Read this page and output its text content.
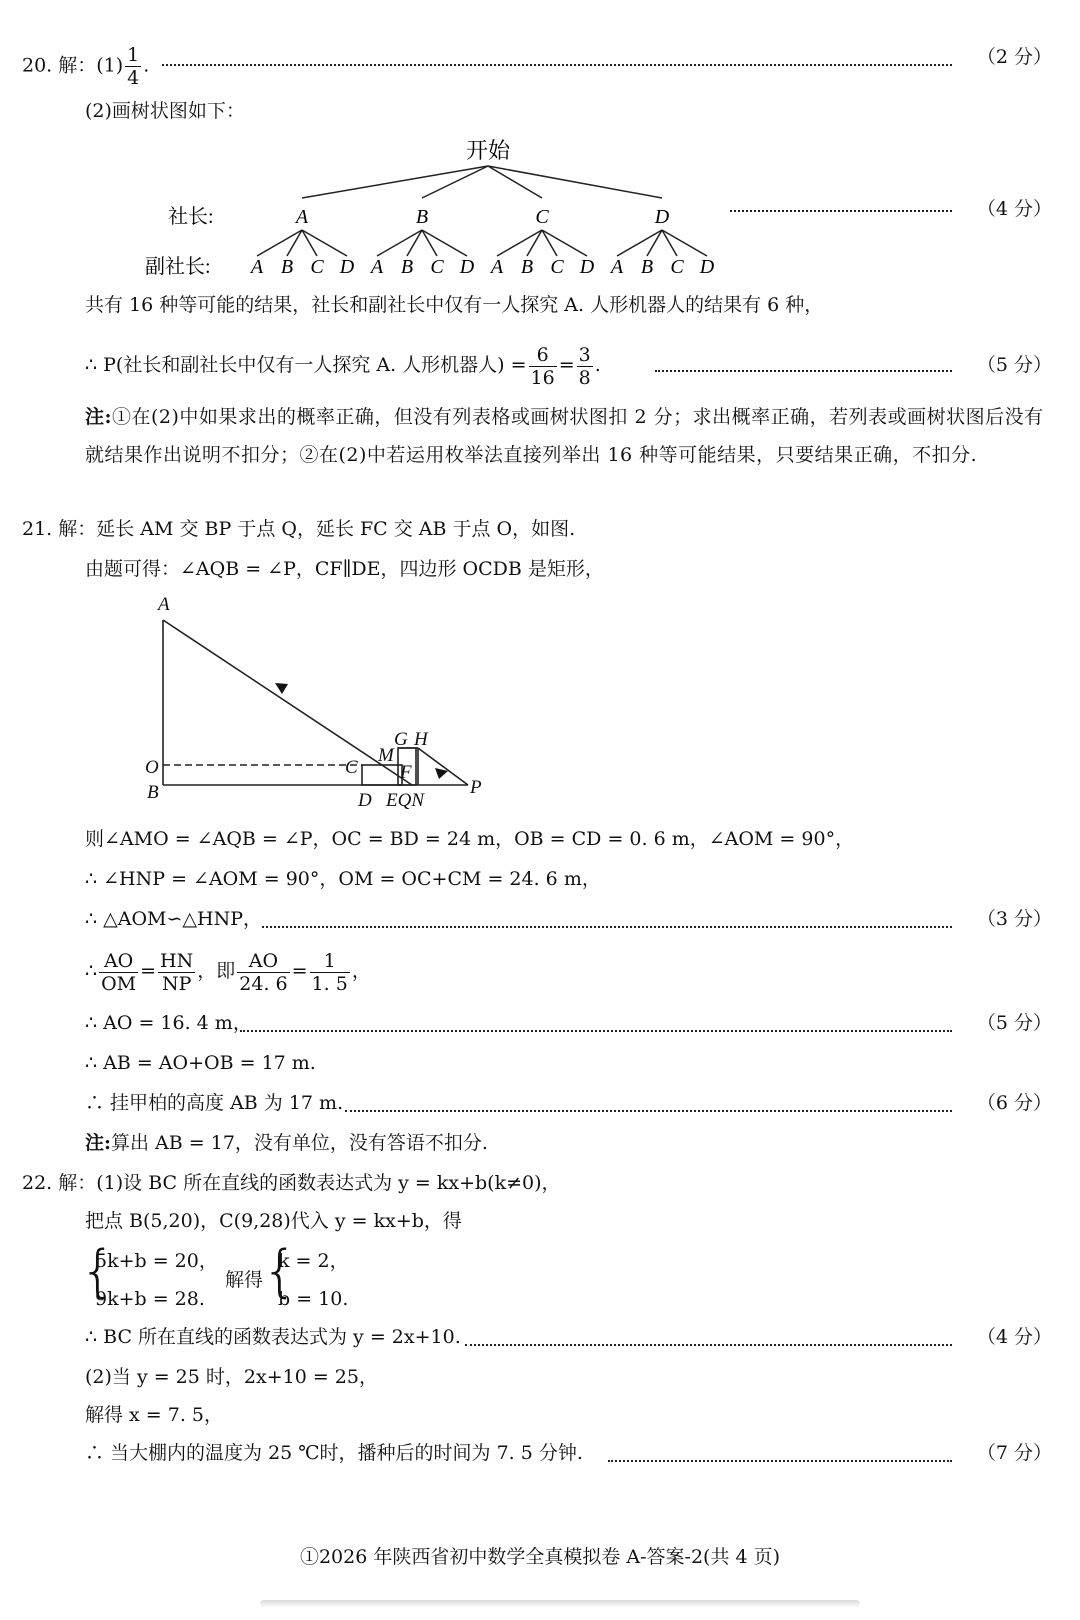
20. 解：$(1) \frac{1}{4}$ .	（2 分）
(2)画树状图如下：
开始
社长:
副社长:
A
A B C D
B
A B C D
C
A B C D
D
A B C D
（4 分）
共有 16 种等可能的结果，社长和副社长中仅有一人探究 A. 人形机器人的结果有 6 种，
∴ P(社长和副社长中仅有一人探究 A. 人形机器人) = $\frac{6}{16} = \frac{3}{8}$ .	（5 分）
注:①在(2)中如果求出的概率正确，但没有列表格或画树状图扣 2 分；求出概率正确，若列表或画树状图后没有就结果作出说明不扣分；②在(2)中若运用枚举法直接列举出 16 种等可能结果，只要结果正确，不扣分.
21. 解：延长 AM 交 BP 于点 Q，延长 FC 交 AB 于点 O，如图.
由题可得：∠AQB = ∠P，CF∥DE，四边形 OCDB 是矩形，
A
O
B
C
M
G H
F
D EQN
P
则∠AMO = ∠AQB = ∠P，OC = BD = 24 m，OB = CD = 0. 6 m，∠AOM = 90°，
∴ ∠HNP = ∠AOM = 90°，OM = OC+CM = 24. 6 m，
∴ △AOM∽△HNP，	（3 分）
∴ $\frac{AO}{OM} = \frac{HN}{NP}$ ，即 $\frac{AO}{24. 6} = \frac{1}{1. 5}$ ，
∴ AO = 16. 4 m，	（5 分）
∴ AB = AO+OB = 17 m.
∴ 挂甲柏的高度 AB 为 17 m.	（6 分）
注:算出 AB = 17，没有单位，没有答语不扣分.
22. 解：(1)设 BC 所在直线的函数表达式为 y = kx+b(k≠0)，
把点 B(5,20)，C(9,28)代入 y = kx+b，得
{
5k+b = 20，
9k+b = 28.
解得
{
k = 2，
b = 10.
∴ BC 所在直线的函数表达式为 y = 2x+10.	（4 分）
(2)当 y = 25 时，2x+10 = 25，
解得 x = 7. 5，
∴ 当大棚内的温度为 25 ℃时，播种后的时间为 7. 5 分钟.	（7 分）
①2026 年陕西省初中数学全真模拟卷 A-答案-2(共 4 页)
